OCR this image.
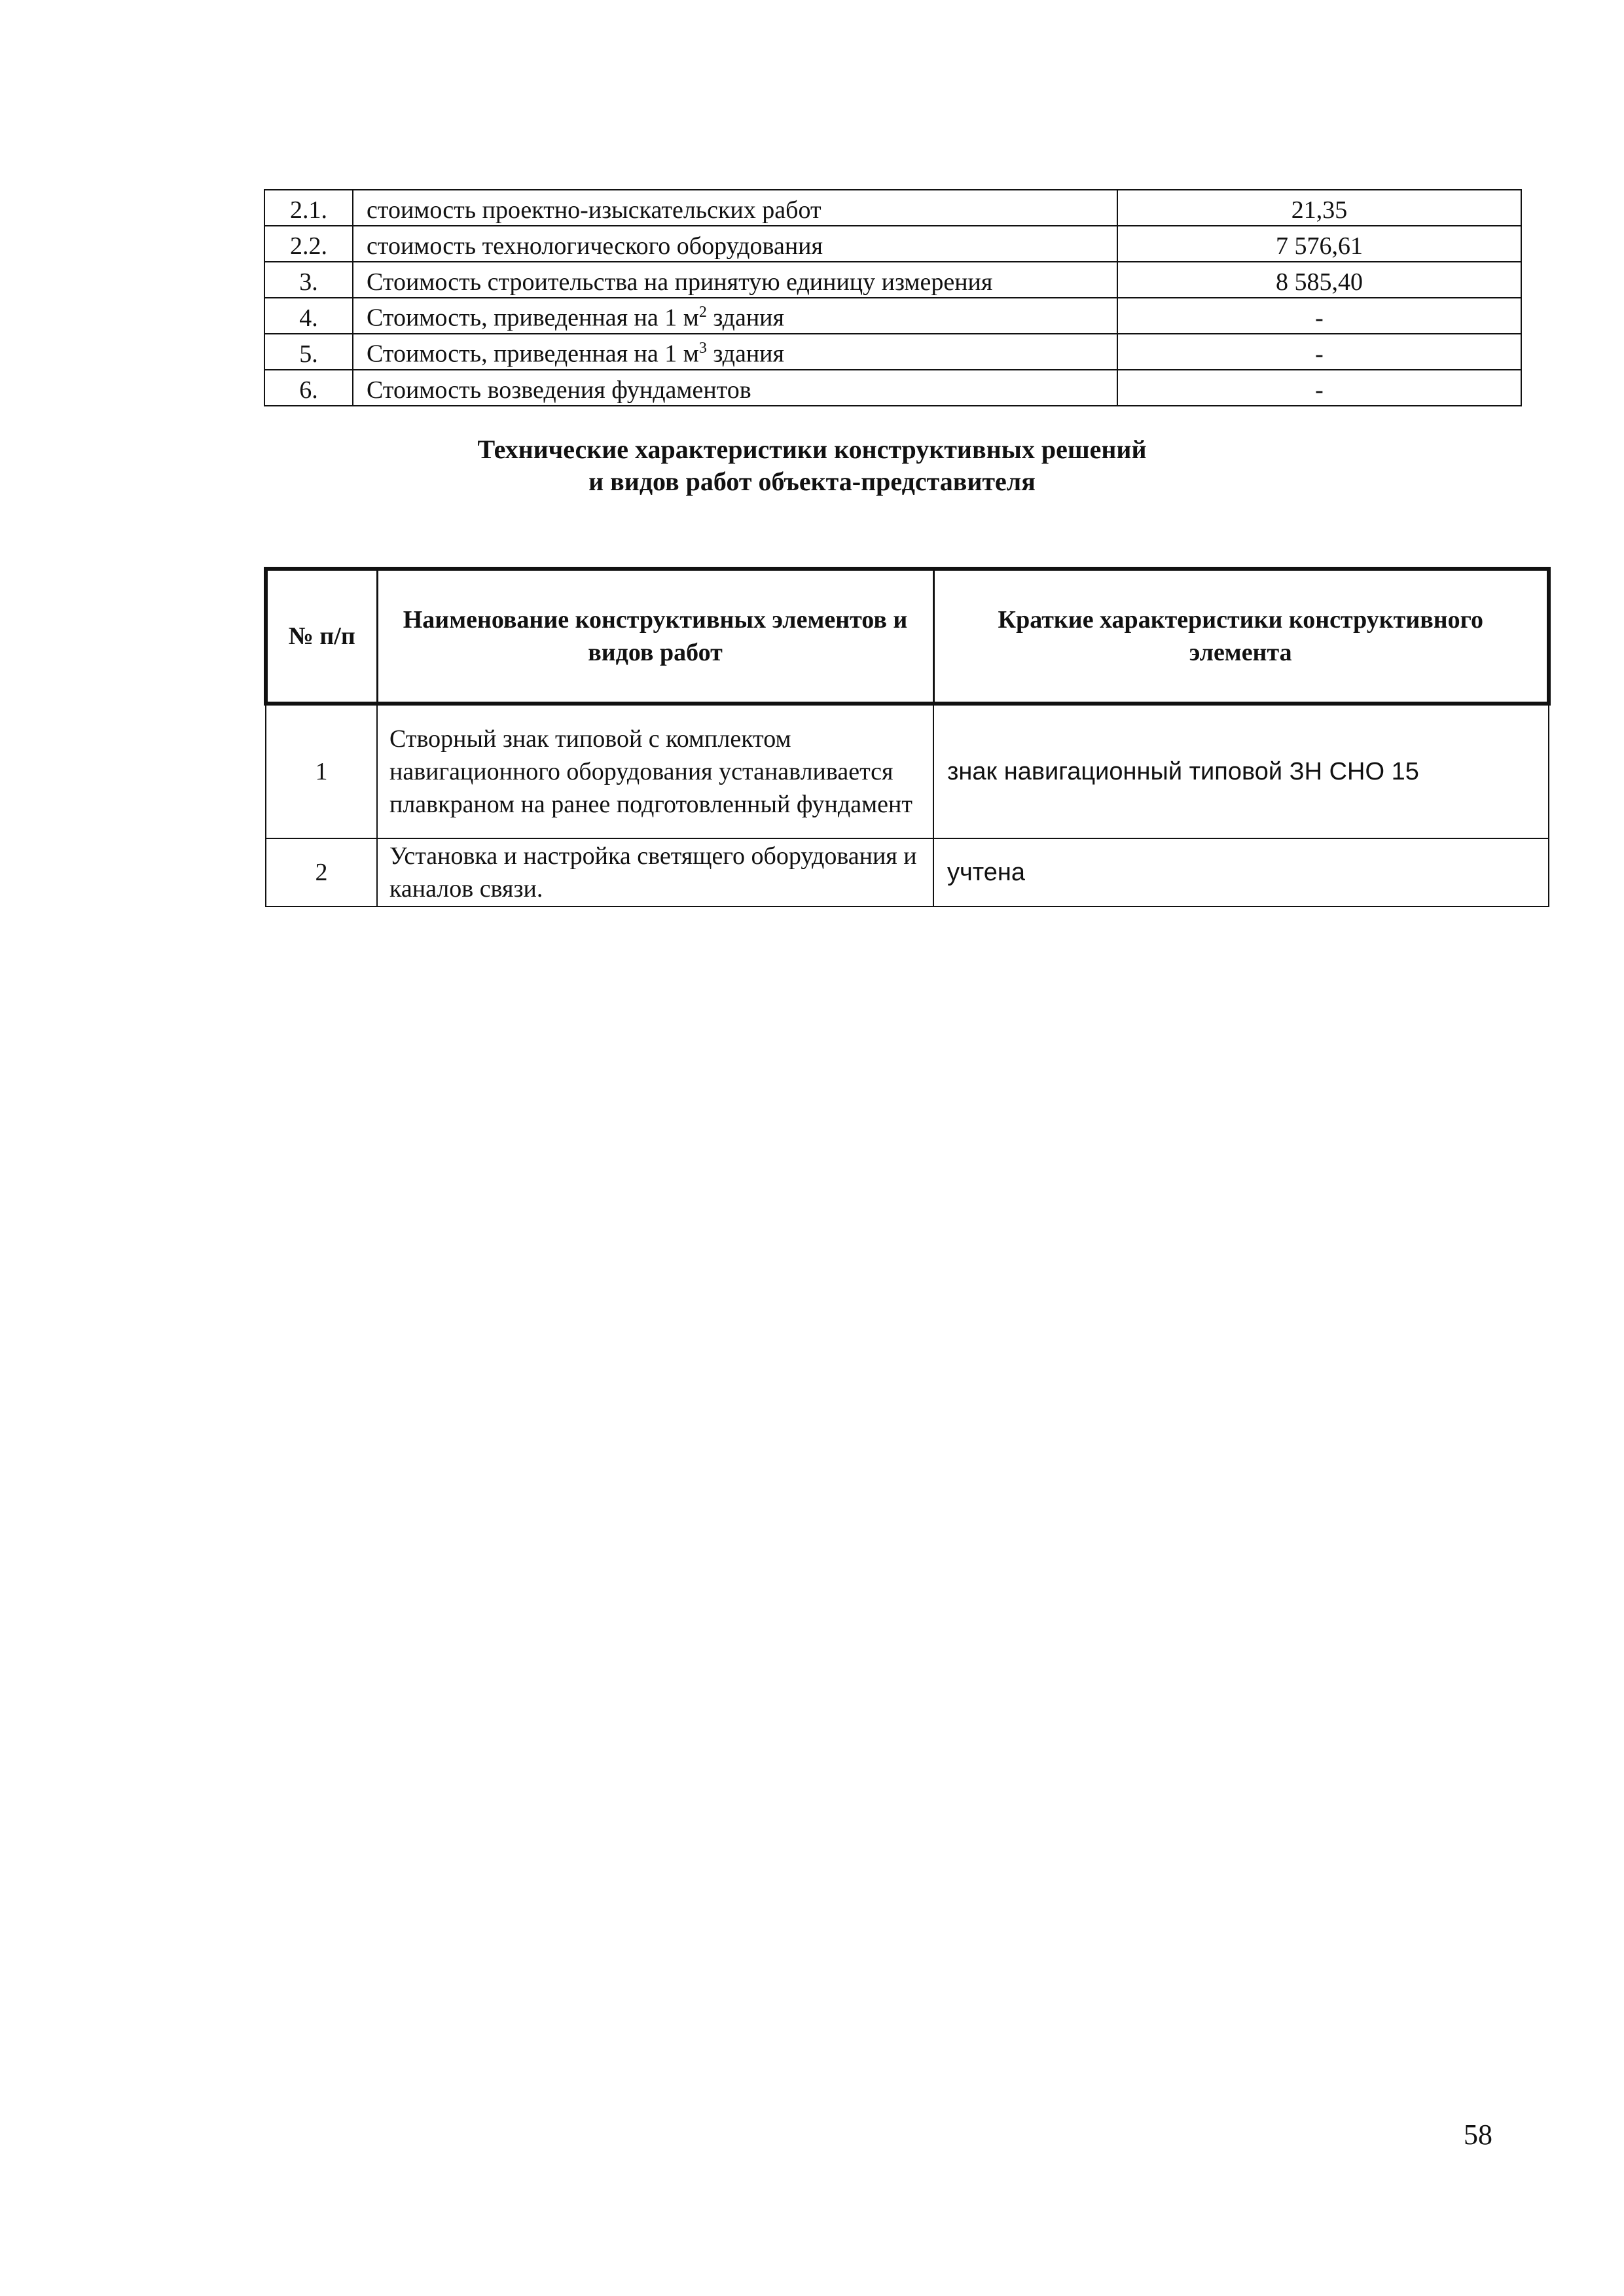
2.1.	стоимость проектно-изыскательских работ	21,35
2.2.	стоимость технологического оборудования	7 576,61
3.	Стоимость строительства на принятую единицу измерения	8 585,40
4.	Стоимость, приведенная на 1 $м^2$ здания	-
5.	Стоимость, приведенная на 1 $м^3$ здания	-
6.	Стоимость возведения фундаментов	-
Технические характеристики конструктивных решений
и видов работ объекта-представителя
№ п/п	Наименование конструктивных элементов и видов работ	Краткие характеристики конструктивного элемента
1	Створный знак типовой с комплектом навигационного оборудования устанавливается плавкраном на ранее подготовленный фундамент	знак навигационный типовой ЗН СНО 15
2	Установка и настройка светящего оборудования и каналов связи.	учтена
58
